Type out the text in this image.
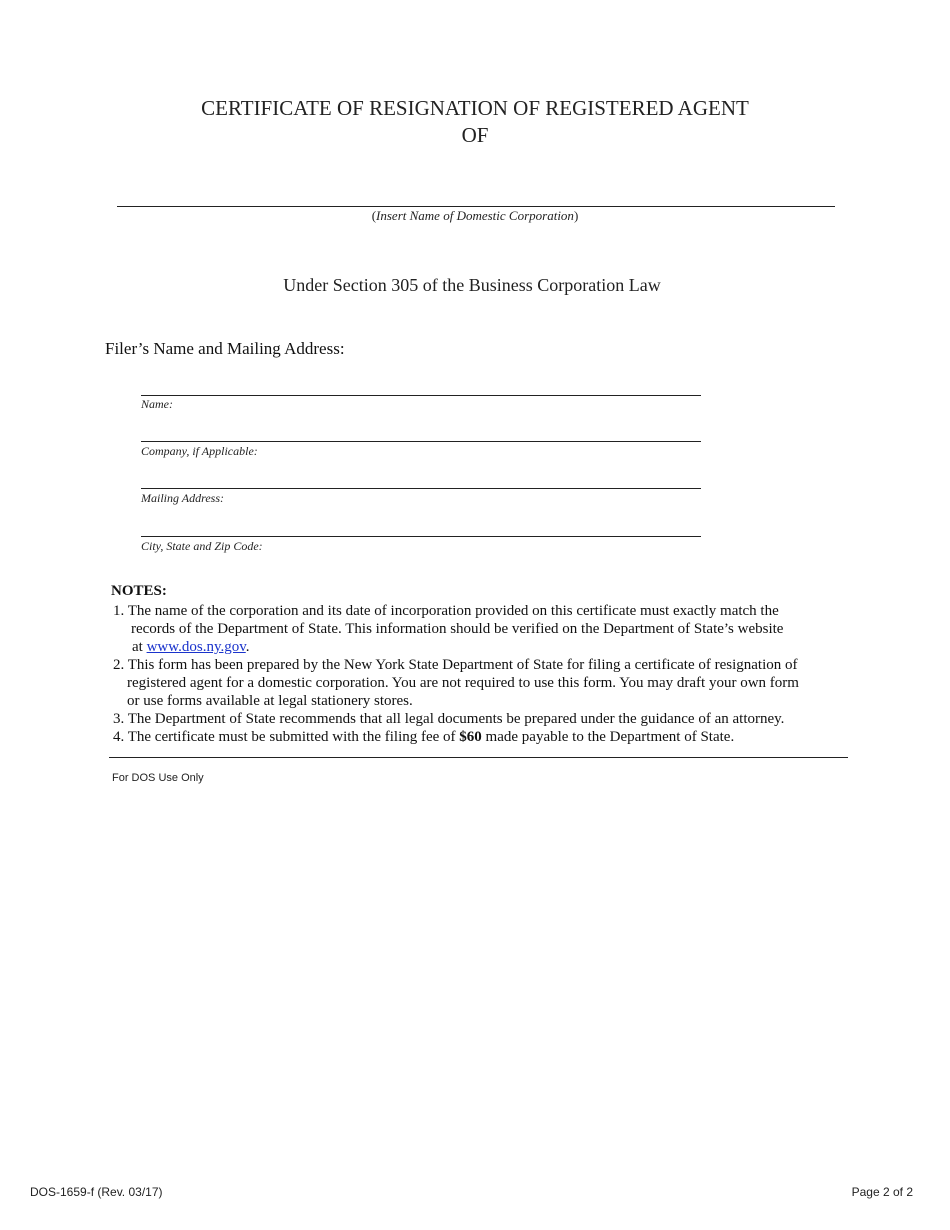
CERTIFICATE OF RESIGNATION OF REGISTERED AGENT
OF
(Insert Name of Domestic Corporation)
Under Section 305 of the Business Corporation Law
Filer’s Name and Mailing Address:
Name:
Company, if Applicable:
Mailing Address:
City, State and Zip Code:
NOTES:
1. The name of the corporation and its date of incorporation provided on this certificate must exactly match the
records of the Department of State. This information should be verified on the Department of State’s website
at www.dos.ny.gov.
2. This form has been prepared by the New York State Department of State for filing a certificate of resignation of
registered agent for a domestic corporation. You are not required to use this form. You may draft your own form
or use forms available at legal stationery stores.
3. The Department of State recommends that all legal documents be prepared under the guidance of an attorney.
4. The certificate must be submitted with the filing fee of $60 made payable to the Department of State.
For DOS Use Only
DOS-1659-f (Rev. 03/17)	Page 2 of 2
